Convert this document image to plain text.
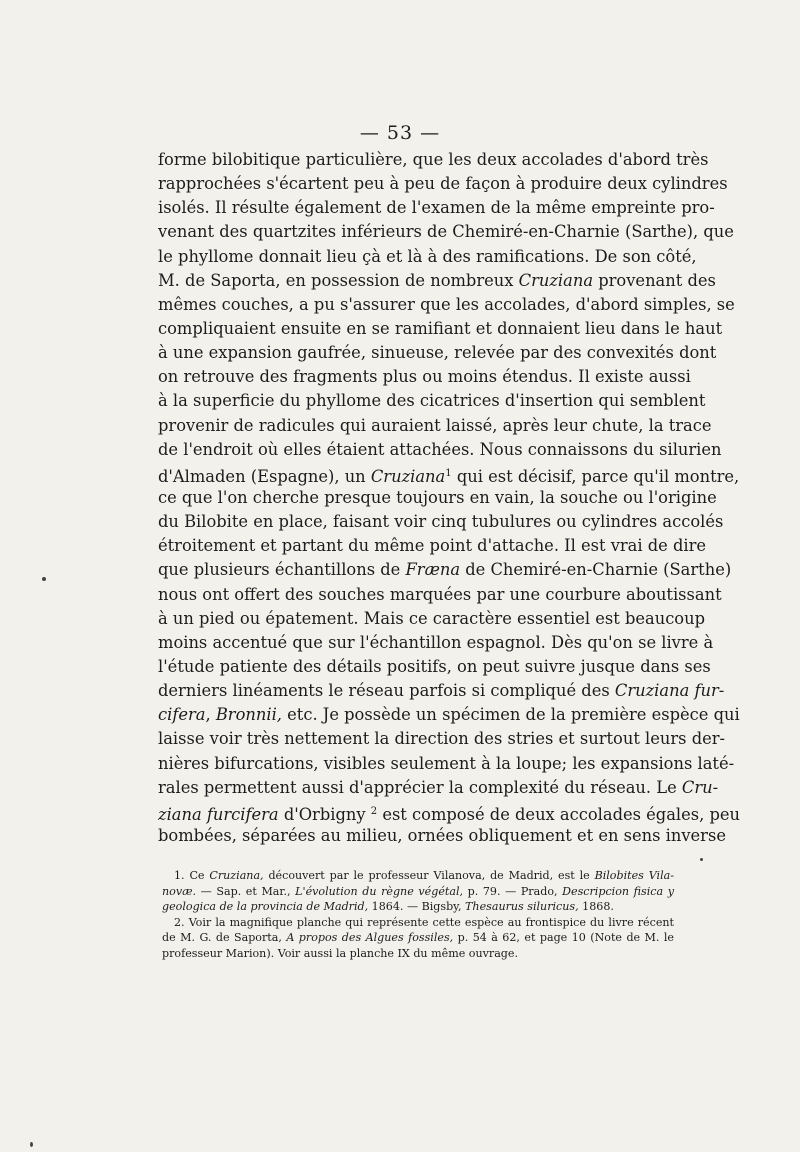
— 53 —
forme bilobitique particulière, que les deux accolades d'abord très
rapprochées s'écartent peu à peu de façon à produire deux cylindres
isolés. Il résulte également de l'examen de la même empreinte pro-
venant des quartzites inférieurs de Chemiré-en-Charnie (Sarthe), que
le phyllome donnait lieu çà et là à des ramifications. De son côté,
M. de Saporta, en possession de nombreux Cruziana provenant des
mêmes couches, a pu s'assurer que les accolades, d'abord simples, se
compliquaient ensuite en se ramifiant et donnaient lieu dans le haut
à une expansion gaufrée, sinueuse, relevée par des convexités dont
on retrouve des fragments plus ou moins étendus. Il existe aussi
à la superficie du phyllome des cicatrices d'insertion qui semblent
provenir de radicules qui auraient laissé, après leur chute, la trace
de l'endroit où elles étaient attachées. Nous connaissons du silurien
d'Almaden (Espagne), un Cruziana$^1$ qui est décisif, parce qu'il montre,
ce que l'on cherche presque toujours en vain, la souche ou l'origine
du Bilobite en place, faisant voir cinq tubulures ou cylindres accolés
étroitement et partant du même point d'attache. Il est vrai de dire
que plusieurs échantillons de Fræna de Chemiré-en-Charnie (Sarthe)
nous ont offert des souches marquées par une courbure aboutissant
à un pied ou épatement. Mais ce caractère essentiel est beaucoup
moins accentué que sur l'échantillon espagnol. Dès qu'on se livre à
l'étude patiente des détails positifs, on peut suivre jusque dans ses
derniers linéaments le réseau parfois si compliqué des Cruziana fur-
cifera, Bronnii, etc. Je possède un spécimen de la première espèce qui
laisse voir très nettement la direction des stries et surtout leurs der-
nières bifurcations, visibles seulement à la loupe; les expansions laté-
rales permettent aussi d'apprécier la complexité du réseau. Le Cru-
ziana furcifera d'Orbigny $^2$ est composé de deux accolades égales, peu
bombées, séparées au milieu, ornées obliquement et en sens inverse
1. Ce Cruziana, découvert par le professeur Vilanova, de Madrid, est le Bilobites Vila-
novæ. — Sap. et Mar., L'évolution du règne végétal, p. 79. — Prado, Descripcion fisica y
geologica de la provincia de Madrid, 1864. — Bigsby, Thesaurus siluricus, 1868.
2. Voir la magnifique planche qui représente cette espèce au frontispice du livre récent
de M. G. de Saporta, A propos des Algues fossiles, p. 54 à 62, et page 10 (Note de M. le
professeur Marion). Voir aussi la planche IX du même ouvrage.
